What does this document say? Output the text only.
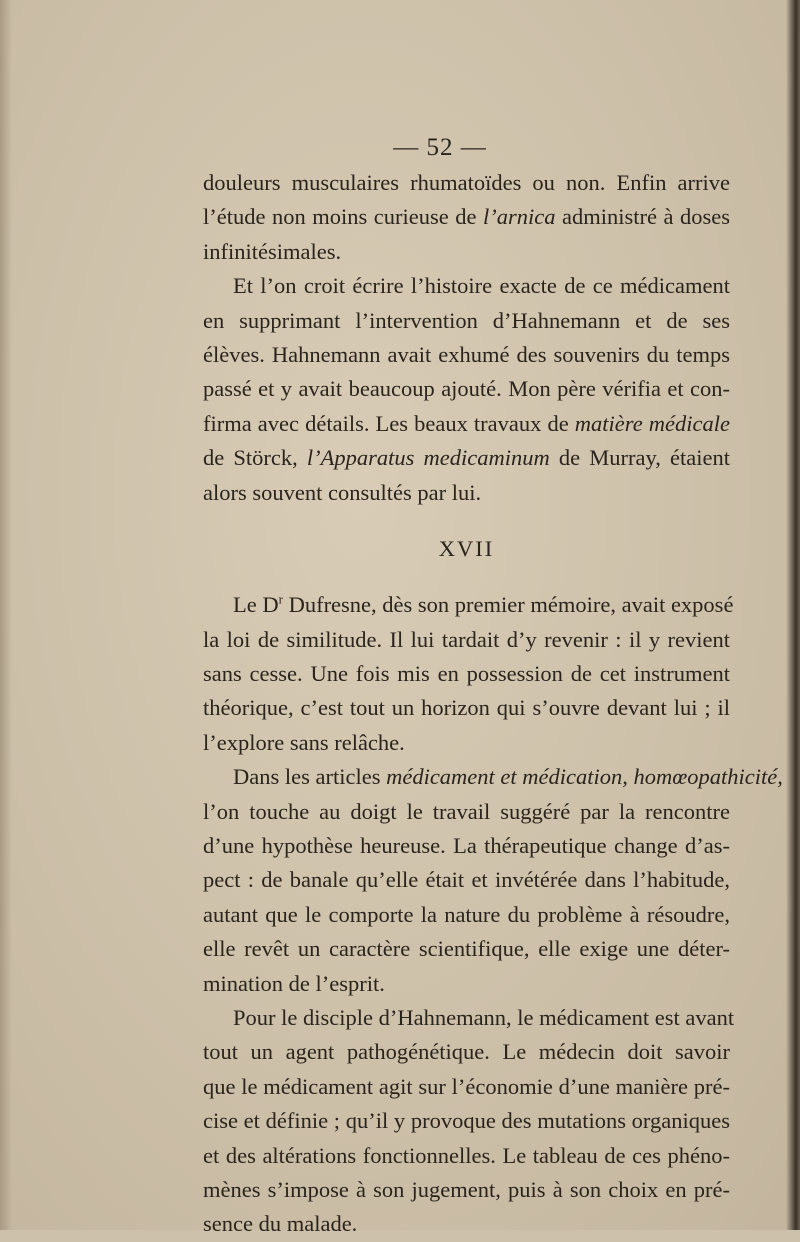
— 52 —
douleurs musculaires rhumatoïdes ou non. Enfin arrive
l’étude non moins curieuse de l’arnica administré à doses
infinitésimales.
Et l’on croit écrire l’histoire exacte de ce médicament
en supprimant l’intervention d’Hahnemann et de ses
élèves. Hahnemann avait exhumé des souvenirs du temps
passé et y avait beaucoup ajouté. Mon père vérifia et con-
firma avec détails. Les beaux travaux de matière médicale
de Störck, l’Apparatus medicaminum de Murray, étaient
alors souvent consultés par lui.
XVII
Le $D^r$ Dufresne, dès son premier mémoire, avait exposé
la loi de similitude. Il lui tardait d’y revenir : il y revient
sans cesse. Une fois mis en possession de cet instrument
théorique, c’est tout un horizon qui s’ouvre devant lui ; il
l’explore sans relâche.
Dans les articles médicament et médication, homœopathicité,
l’on touche au doigt le travail suggéré par la rencontre
d’une hypothèse heureuse. La thérapeutique change d’as-
pect : de banale qu’elle était et invétérée dans l’habitude,
autant que le comporte la nature du problème à résoudre,
elle revêt un caractère scientifique, elle exige une déter-
mination de l’esprit.
Pour le disciple d’Hahnemann, le médicament est avant
tout un agent pathogénétique. Le médecin doit savoir
que le médicament agit sur l’économie d’une manière pré-
cise et définie ; qu’il y provoque des mutations organiques
et des altérations fonctionnelles. Le tableau de ces phéno-
mènes s’impose à son jugement, puis à son choix en pré-
sence du malade.
